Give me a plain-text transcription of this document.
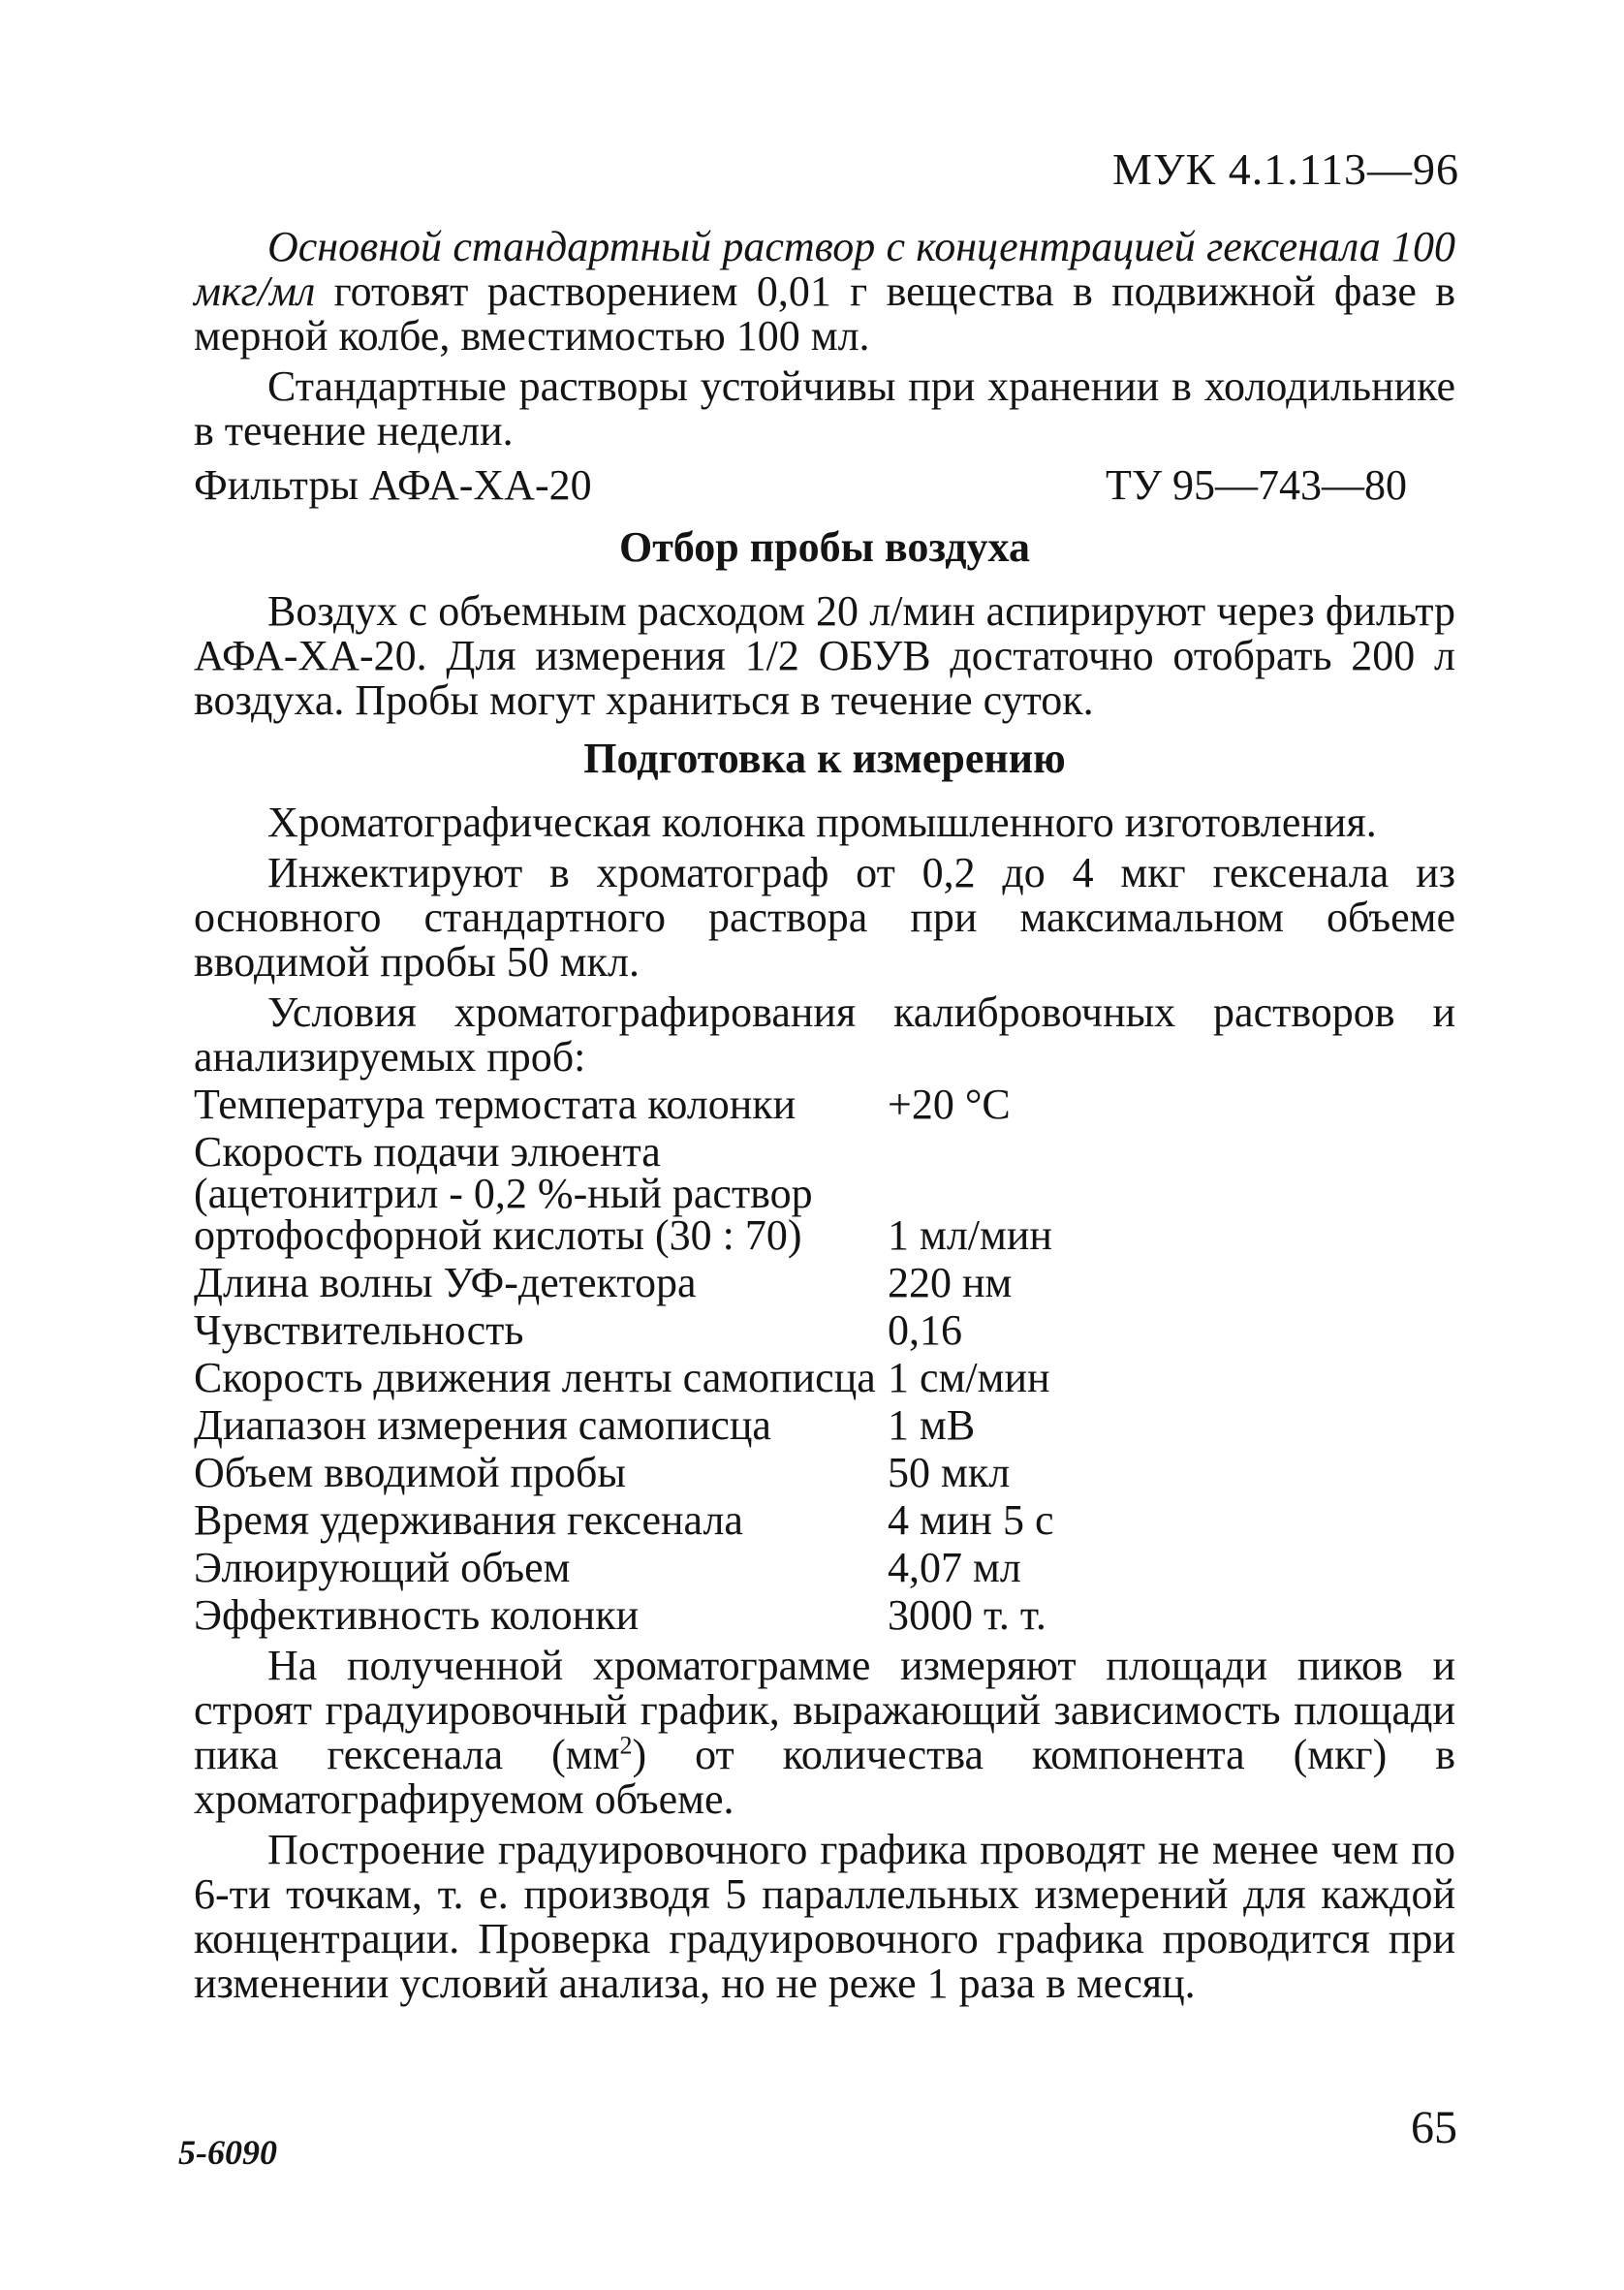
МУК 4.1.113—96

Основной стандартный раствор с концентрацией гексенала 100 мкг/мл готовят растворением 0,01 г вещества в подвижной фазе в мерной колбе, вместимостью 100 мл.

Стандартные растворы устойчивы при хранении в холодильнике в течение недели.

Фильтры АФА-ХА-20	ТУ 95—743—80
Отбор пробы воздуха

Воздух с объемным расходом 20 л/мин аспирируют через фильтр АФА-ХА-20. Для измерения 1/2 ОБУВ достаточно отобрать 200 л воздуха. Пробы могут храниться в течение суток.

Подготовка к измерению

Хроматографическая колонка промышленного изготовления.

Инжектируют в хроматограф от 0,2 до 4 мкг гексенала из основного стандартного раствора при максимальном объеме вводимой пробы 50 мкл.

Условия хроматографирования калибровочных растворов и анализируемых проб:

Температура термостата колонки	+20 °С
Скорость подачи элюента (ацетонитрил - 0,2 %-ный раствор ортофосфорной кислоты (30 : 70)	1 мл/мин
Длина волны УФ-детектора	220 нм
Чувствительность	0,16
Скорость движения ленты самописца	1 см/мин
Диапазон измерения самописца	1 мВ
Объем вводимой пробы	50 мкл
Время удерживания гексенала	4 мин 5 с
Элюирующий объем	4,07 мл
Эффективность колонки	3000 т. т.

На полученной хроматограмме измеряют площади пиков и строят градуировочный график, выражающий зависимость площади пика гексенала $(мм^2)$ от количества компонента (мкг) в хроматографируемом объеме.

Построение градуировочного графика проводят не менее чем по 6-ти точкам, т. е. производя 5 параллельных измерений для каждой концентрации. Проверка градуировочного графика проводится при изменении условий анализа, но не реже 1 раза в месяц.

5-6090	65
